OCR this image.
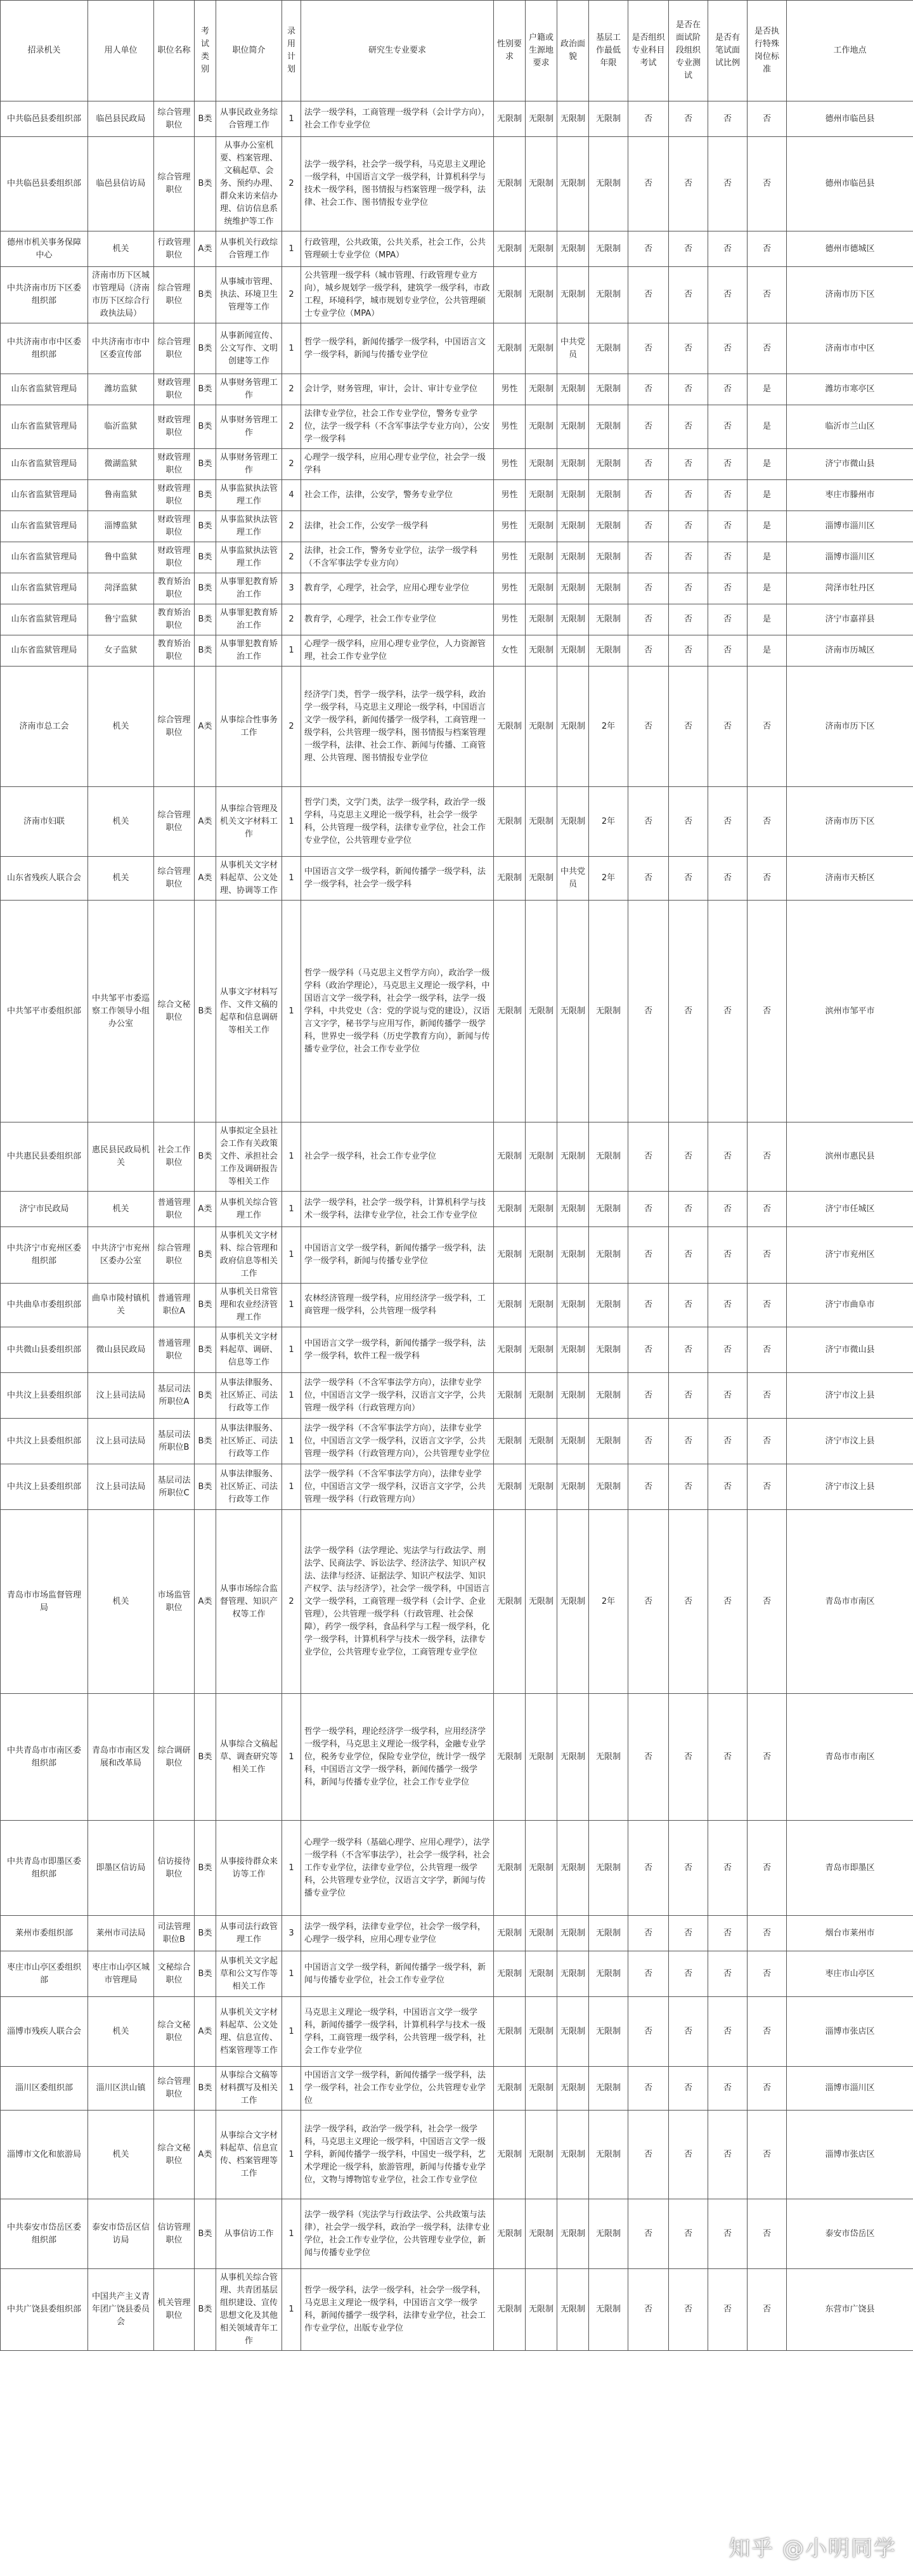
招录机关	用人单位	职位名称	考试类别	职位简介	录用计划	研究生专业要求	性别要求	户籍或生源地要求	政治面貌	基层工作最低年限	是否组织专业科目考试	是否在面试阶段组织专业测试	是否有笔试面试比例	是否执行特殊岗位标准	工作地点
中共临邑县委组织部	临邑县民政局	综合管理职位	B类	从事民政业务综合管理工作	1	法学一级学科，工商管理一级学科（会计学方向），社会工作专业学位	无限制	无限制	无限制	无限制	否	否	否	否	德州市临邑县
中共临邑县委组织部	临邑县信访局	综合管理职位	B类	从事办公室机要、档案管理、文稿起草、会务、预约办理、群众来访来信办理、信访信息系统维护等工作	2	法学一级学科，社会学一级学科，马克思主义理论一级学科，中国语言文学一级学科，计算机科学与技术一级学科，图书情报与档案管理一级学科，法律、社会工作、图书情报专业学位	无限制	无限制	无限制	无限制	否	否	否	否	德州市临邑县
德州市机关事务保障中心	机关	行政管理职位	A类	从事机关行政综合管理工作	1	行政管理，公共政策，公共关系，社会工作，公共管理硕士专业学位（MPA）	无限制	无限制	无限制	无限制	否	否	否	否	德州市德城区
中共济南市历下区委组织部	济南市历下区城市管理局（济南市历下区综合行政执法局）	综合管理职位	B类	从事城市管理、执法、环境卫生管理等工作	2	公共管理一级学科（城市管理、行政管理专业方向），城乡规划学一级学科，建筑学一级学科，市政工程，环境科学，城市规划专业学位，公共管理硕士专业学位（MPA）	无限制	无限制	无限制	无限制	否	否	否	否	济南市历下区
中共济南市市中区委组织部	中共济南市市中区委宣传部	综合管理职位	B类	从事新闻宣传、公文写作、文明创建等工作	1	哲学一级学科，新闻传播学一级学科，中国语言文学一级学科，新闻与传播专业学位	无限制	无限制	中共党员	无限制	否	否	否	否	济南市市中区
山东省监狱管理局	潍坊监狱	财政管理职位	B类	从事财务管理工作	2	会计学，财务管理，审计，会计、审计专业学位	男性	无限制	无限制	无限制	否	否	否	是	潍坊市寒亭区
山东省监狱管理局	临沂监狱	财政管理职位	B类	从事财务管理工作	2	法律专业学位，社会工作专业学位，警务专业学位，法学一级学科（不含军事法学专业方向），公安学一级学科	男性	无限制	无限制	无限制	否	否	否	是	临沂市兰山区
山东省监狱管理局	微湖监狱	财政管理职位	B类	从事财务管理工作	2	心理学一级学科，应用心理专业学位，社会学一级学科	男性	无限制	无限制	无限制	否	否	否	是	济宁市微山县
山东省监狱管理局	鲁南监狱	财政管理职位	B类	从事监狱执法管理工作	4	社会工作，法律，公安学，警务专业学位	男性	无限制	无限制	无限制	否	否	否	是	枣庄市滕州市
山东省监狱管理局	淄博监狱	财政管理职位	B类	从事监狱执法管理工作	2	法律，社会工作，公安学一级学科	男性	无限制	无限制	无限制	否	否	否	是	淄博市淄川区
山东省监狱管理局	鲁中监狱	财政管理职位	B类	从事监狱执法管理工作	2	法律，社会工作，警务专业学位，法学一级学科（不含军事法学专业方向）	男性	无限制	无限制	无限制	否	否	否	是	淄博市淄川区
山东省监狱管理局	菏泽监狱	教育矫治职位	B类	从事罪犯教育矫治工作	3	教育学，心理学，社会学，应用心理专业学位	男性	无限制	无限制	无限制	否	否	否	是	菏泽市牡丹区
山东省监狱管理局	鲁宁监狱	教育矫治职位	B类	从事罪犯教育矫治工作	2	教育学，心理学，社会工作专业学位	男性	无限制	无限制	无限制	否	否	否	是	济宁市嘉祥县
山东省监狱管理局	女子监狱	教育矫治职位	B类	从事罪犯教育矫治工作	1	心理学一级学科，应用心理专业学位，人力资源管理，社会工作专业学位	女性	无限制	无限制	无限制	否	否	否	是	济南市历城区
济南市总工会	机关	综合管理职位	A类	从事综合性事务工作	2	经济学门类，哲学一级学科，法学一级学科，政治学一级学科，马克思主义理论一级学科，中国语言文学一级学科，新闻传播学一级学科，工商管理一级学科，公共管理一级学科，图书情报与档案管理一级学科，法律、社会工作、新闻与传播、工商管理、公共管理、图书情报专业学位	无限制	无限制	无限制	2年	否	否	否	否	济南市历下区
济南市妇联	机关	综合管理职位	A类	从事综合管理及机关文字材料工作	1	哲学门类，文学门类，法学一级学科，政治学一级学科，马克思主义理论一级学科，社会学一级学科，公共管理一级学科，法律专业学位，社会工作专业学位，公共管理专业学位	无限制	无限制	无限制	2年	否	否	否	否	济南市历下区
山东省残疾人联合会	机关	综合管理职位	A类	从事机关文字材料起草、公文处理、协调等工作	1	中国语言文学一级学科，新闻传播学一级学科，法学一级学科，社会学一级学科	无限制	无限制	中共党员	2年	否	否	否	否	济南市天桥区
中共邹平市委组织部	中共邹平市委巡察工作领导小组办公室	综合文秘职位	B类	从事文字材料写作、文件文稿的起草和信息调研等相关工作	1	哲学一级学科（马克思主义哲学方向），政治学一级学科（政治学理论），马克思主义理论一级学科，中国语言文学一级学科，社会学一级学科，法学一级学科，中共党史（含：党的学说与党的建设），汉语言文字学，秘书学与应用写作，新闻传播学一级学科，世界史一级学科（历史学教育方向），新闻与传播专业学位，社会工作专业学位	无限制	无限制	无限制	无限制	否	否	否	否	滨州市邹平市
中共惠民县委组织部	惠民县民政局机关	社会工作职位	B类	从事拟定全县社会工作有关政策文件、承担社会工作及调研报告等相关工作	1	社会学一级学科，社会工作专业学位	无限制	无限制	无限制	无限制	否	否	否	否	滨州市惠民县
济宁市民政局	机关	普通管理职位	A类	从事机关综合管理工作	1	法学一级学科，社会学一级学科，计算机科学与技术一级学科，法律专业学位，社会工作专业学位	无限制	无限制	无限制	无限制	否	否	否	否	济宁市任城区
中共济宁市兖州区委组织部	中共济宁市兖州区委办公室	综合管理职位	B类	从事机关文字材料、综合管理和政府信息等相关工作	1	中国语言文学一级学科，新闻传播学一级学科，法学一级学科，新闻与传播专业学位	无限制	无限制	无限制	无限制	否	否	否	否	济宁市兖州区
中共曲阜市委组织部	曲阜市陵村镇机关	普通管理职位A	B类	从事机关日常管理和农业经济管理工作	1	农林经济管理一级学科，应用经济学一级学科，工商管理一级学科，公共管理一级学科	无限制	无限制	无限制	无限制	否	否	否	否	济宁市曲阜市
中共微山县委组织部	微山县民政局	普通管理职位	B类	从事机关文字材料起草、调研、信息等工作	1	中国语言文学一级学科，新闻传播学一级学科，法学一级学科，软件工程一级学科	无限制	无限制	无限制	无限制	否	否	否	否	济宁市微山县
中共汶上县委组织部	汶上县司法局	基层司法所职位A	B类	从事法律服务、社区矫正、司法行政等工作	1	法学一级学科（不含军事法学方向），法律专业学位，中国语言文学一级学科，汉语言文字学，公共管理一级学科（行政管理方向）	无限制	无限制	无限制	无限制	否	否	否	否	济宁市汶上县
中共汶上县委组织部	汶上县司法局	基层司法所职位B	B类	从事法律服务、社区矫正、司法行政等工作	1	法学一级学科（不含军事法学方向），法律专业学位，中国语言文学一级学科，汉语言文字学，公共管理一级学科（行政管理方向），公共管理专业学位	无限制	无限制	无限制	无限制	否	否	否	否	济宁市汶上县
中共汶上县委组织部	汶上县司法局	基层司法所职位C	B类	从事法律服务、社区矫正、司法行政等工作	1	法学一级学科（不含军事法学方向），法律专业学位，中国语言文学一级学科，汉语言文字学，公共管理一级学科（行政管理方向）	无限制	无限制	无限制	无限制	否	否	否	否	济宁市汶上县
青岛市市场监督管理局	机关	市场监管职位	A类	从事市场综合监督管理、知识产权等工作	2	法学一级学科（法学理论、宪法学与行政法学、刑法学、民商法学、诉讼法学、经济法学、知识产权法、法律与经济、证据法学、知识产权法学、知识产权学、法与经济学），社会学一级学科，中国语言文学一级学科，工商管理一级学科（会计学、企业管理），公共管理一级学科（行政管理、社会保障），药学一级学科，食品科学与工程一级学科，化学一级学科，计算机科学与技术一级学科，法律专业学位，公共管理专业学位，工商管理专业学位	无限制	无限制	无限制	2年	否	否	否	否	青岛市市南区
中共青岛市市南区委组织部	青岛市市南区发展和改革局	综合调研职位	B类	从事综合文稿起草、调查研究等相关工作	1	哲学一级学科，理论经济学一级学科，应用经济学一级学科，马克思主义理论一级学科，金融专业学位，税务专业学位，保险专业学位，统计学一级学科，中国语言文学一级学科，新闻传播学一级学科，新闻与传播专业学位，社会工作专业学位	无限制	无限制	无限制	无限制	否	否	否	否	青岛市市南区
中共青岛市即墨区委组织部	即墨区信访局	信访接待职位	B类	从事接待群众来访等工作	1	心理学一级学科（基础心理学、应用心理学），法学一级学科（不含军事法学），社会学一级学科，社会工作专业学位，法律专业学位，公共管理一级学科，公共管理专业学位，汉语言文字学，新闻与传播专业学位	无限制	无限制	无限制	无限制	否	否	否	否	青岛市即墨区
莱州市委组织部	莱州市司法局	司法管理职位B	B类	从事司法行政管理工作	3	法学一级学科，法律专业学位，社会学一级学科，心理学一级学科，应用心理专业学位	无限制	无限制	无限制	无限制	否	否	否	否	烟台市莱州市
枣庄市山亭区委组织部	枣庄市山亭区城市管理局	文秘综合职位	B类	从事机关文字起草和公文写作等相关工作	1	中国语言文学一级学科，新闻传播学一级学科，新闻与传播专业学位，社会工作专业学位	无限制	无限制	无限制	无限制	否	否	否	否	枣庄市山亭区
淄博市残疾人联合会	机关	综合文秘职位	A类	从事机关文字材料起草、公文处理、信息宣传、档案管理等工作	1	马克思主义理论一级学科，中国语言文学一级学科，新闻传播学一级学科，计算机科学与技术一级学科，工商管理一级学科，公共管理一级学科，社会工作专业学位	无限制	无限制	无限制	无限制	否	否	否	否	淄博市张店区
淄川区委组织部	淄川区洪山镇	综合管理职位	B类	从事综合文稿等材料撰写及相关工作	1	中国语言文学一级学科，新闻传播学一级学科，法学一级学科，社会工作专业学位，公共管理专业学位	无限制	无限制	无限制	无限制	否	否	否	否	淄博市淄川区
淄博市文化和旅游局	机关	综合文秘职位	A类	从事综合文字材料起草、信息宣传、档案管理等工作	1	法学一级学科，政治学一级学科，社会学一级学科，马克思主义理论一级学科，中国语言文学一级学科，新闻传播学一级学科，中国史一级学科，艺术学理论一级学科，旅游管理，新闻与传播专业学位，文物与博物馆专业学位，社会工作专业学位	无限制	无限制	无限制	无限制	否	否	否	否	淄博市张店区
中共泰安市岱岳区委组织部	泰安市岱岳区信访局	信访管理职位	B类	从事信访工作	1	法学一级学科（宪法学与行政法学、公共政策与法律），社会学一级学科，政治学一级学科，法律专业学位，社会工作专业学位，公共管理专业学位，新闻与传播专业学位	无限制	无限制	无限制	无限制	否	否	否	否	泰安市岱岳区
中共广饶县委组织部	中国共产主义青年团广饶县委员会	机关管理职位	B类	从事机关综合管理、共青团基层组织建设、宣传思想文化及其他相关领域青年工作	1	哲学一级学科，法学一级学科，社会学一级学科，马克思主义理论一级学科，中国语言文学一级学科，新闻传播学一级学科，法律专业学位，社会工作专业学位，出版专业学位	无限制	无限制	无限制	无限制	否	否	否	否	东营市广饶县
知乎 @小明同学
